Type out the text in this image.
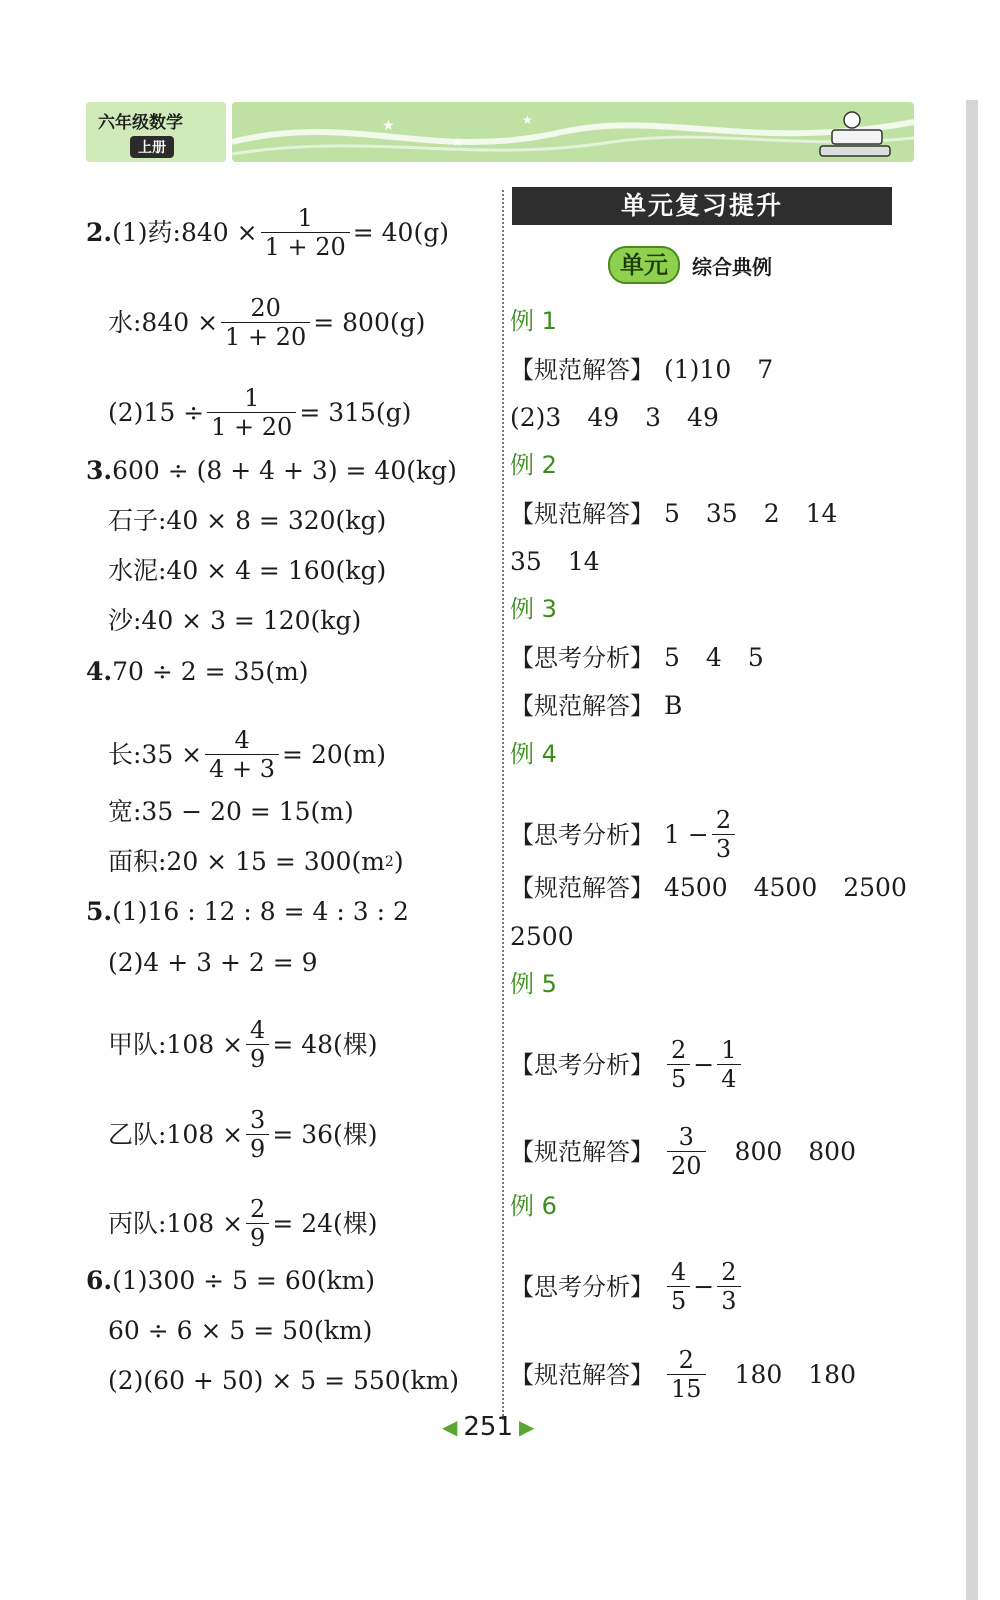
六年级数学
上册
★
★
★
2. (1)药:840 × $\frac{1}{1 + 20} = 40(g)$
水:840 × $\frac{20}{1 + 20} = 800(g)$
$(2)15 \div \frac{1}{1 + 20} = 315(g)$
3. 600 ÷ (8 + 4 + 3) = 40(kg)
石子:40 × 8 = 320(kg)
水泥:40 × 4 = 160(kg)
沙:40 × 3 = 120(kg)
4. 70 ÷ 2 = 35(m)
长:35 × $\frac{4}{4 + 3} = 20(m)$
宽:35 − 20 = 15(m)
面积:20 × 15 = 300(m 2 )
5. (1)16 : 12 : 8 = 4 : 3 : 2
(2)4 + 3 + 2 = 9
甲队:108 × $\frac{4}{9} = 48$(棵)
乙队:108 × $\frac{3}{9} = 36$(棵)
丙队:108 × $\frac{2}{9} = 24$(棵)
6. (1)300 ÷ 5 = 60(km)
60 ÷ 6 × 5 = 50(km)
(2)(60 + 50) × 5 = 550(km)
单元复习提升
单元	综合典例
例 1
【规范解答】 (1)10 7
(2)3 49 3 49
例 2
【规范解答】 5 35 2 14
35 14
例 3
【思考分析】 5 4 5
【规范解答】 B
例 4
【思考分析】 $1 - \frac{2}{3}$
【规范解答】 4500 4500 2500
2500
例 5
【思考分析】 $\frac{2}{5} - \frac{1}{4}$
【规范解答】 $\frac{3}{20} 800$ 800
例 6
【思考分析】 $\frac{4}{5} - \frac{2}{3}$
【规范解答】 $\frac{2}{15} 180$ 180
◀ 251 ▶
